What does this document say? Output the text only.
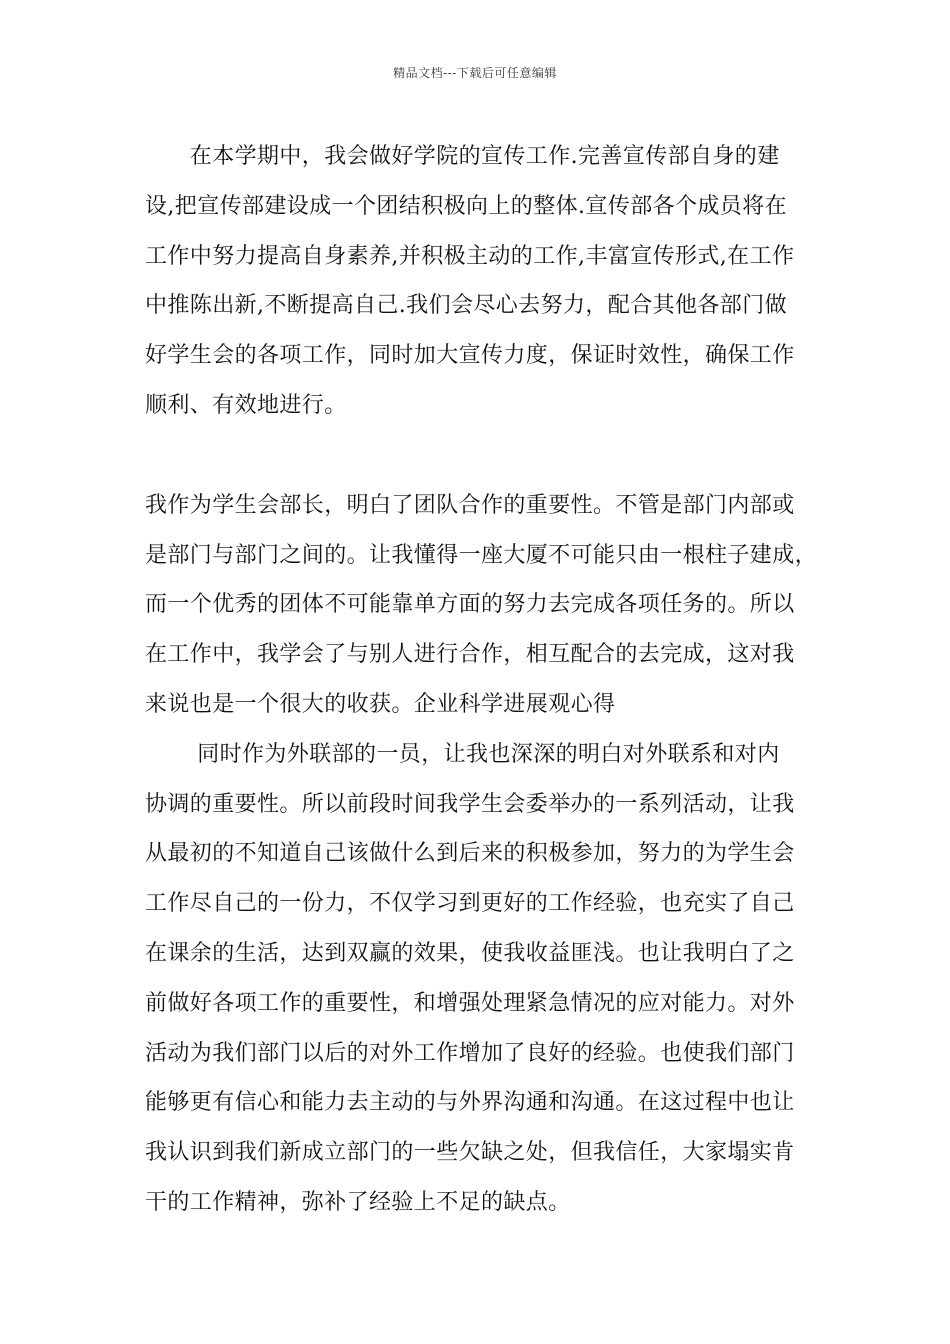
精品文档---下载后可任意编辑
　　在本学期中，我会做好学院的宣传工作.完善宣传部自身的建
设,把宣传部建设成一个团结积极向上的整体.宣传部各个成员将在
工作中努力提高自身素养,并积极主动的工作,丰富宣传形式,在工作
中推陈出新,不断提高自己.我们会尽心去努力，配合其他各部门做
好学生会的各项工作，同时加大宣传力度，保证时效性，确保工作
顺利、有效地进行。
我作为学生会部长，明白了团队合作的重要性。不管是部门内部或
是部门与部门之间的。让我懂得一座大厦不可能只由一根柱子建成，
而一个优秀的团体不可能靠单方面的努力去完成各项任务的。所以
在工作中，我学会了与别人进行合作，相互配合的去完成，这对我
来说也是一个很大的收获。企业科学进展观心得
　　 同时作为外联部的一员，让我也深深的明白对外联系和对内
协调的重要性。所以前段时间我学生会委举办的一系列活动，让我
从最初的不知道自己该做什么到后来的积极参加，努力的为学生会
工作尽自己的一份力，不仅学习到更好的工作经验，也充实了自己
在课余的生活，达到双赢的效果，使我收益匪浅。也让我明白了之
前做好各项工作的重要性，和增强处理紧急情况的应对能力。对外
活动为我们部门以后的对外工作增加了良好的经验。也使我们部门
能够更有信心和能力去主动的与外界沟通和沟通。在这过程中也让
我认识到我们新成立部门的一些欠缺之处，但我信任，大家塌实肯
干的工作精神，弥补了经验上不足的缺点。
